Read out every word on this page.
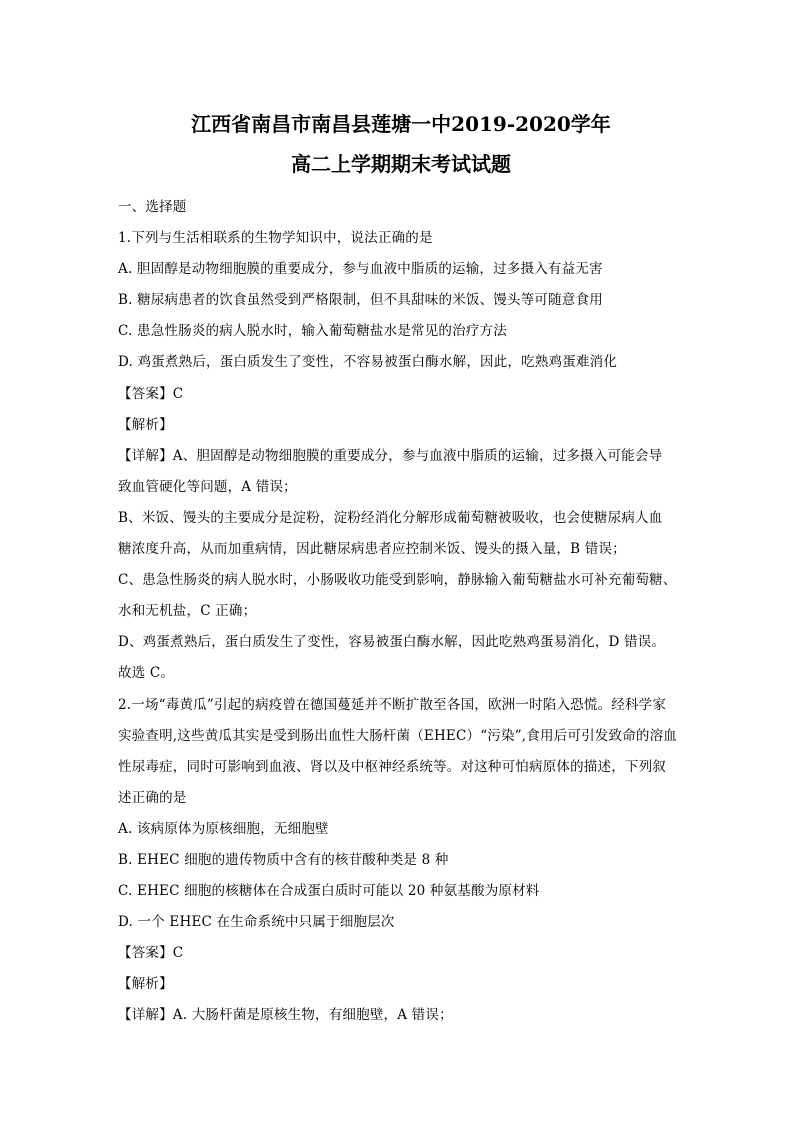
江西省南昌市南昌县莲塘一中2019-2020学年
高二上学期期末考试试题
一、选择题
1.下列与生活相联系的生物学知识中，说法正确的是
A. 胆固醇是动物细胞膜的重要成分，参与血液中脂质的运输，过多摄入有益无害
B. 糖尿病患者的饮食虽然受到严格限制，但不具甜味的米饭、馒头等可随意食用
C. 患急性肠炎的病人脱水时，输入葡萄糖盐水是常见的治疗方法
D. 鸡蛋煮熟后，蛋白质发生了变性，不容易被蛋白酶水解，因此，吃熟鸡蛋难消化
【答案】C
【解析】
【详解】A、胆固醇是动物细胞膜的重要成分，参与血液中脂质的运输，过多摄入可能会导
致血管硬化等问题，A 错误；
B、米饭、馒头的主要成分是淀粉，淀粉经消化分解形成葡萄糖被吸收，也会使糖尿病人血
糖浓度升高，从而加重病情，因此糖尿病患者应控制米饭、馒头的摄入量，B 错误；
C、患急性肠炎的病人脱水时，小肠吸收功能受到影响，静脉输入葡萄糖盐水可补充葡萄糖、
水和无机盐，C 正确；
D、鸡蛋煮熟后，蛋白质发生了变性，容易被蛋白酶水解，因此吃熟鸡蛋易消化，D 错误。
故选 C。
2.一场“毒黄瓜”引起的病疫曾在德国蔓延并不断扩散至各国，欧洲一时陷入恐慌。经科学家
实验查明,这些黄瓜其实是受到肠出血性大肠杆菌（EHEC）“污染”,食用后可引发致命的溶血
性尿毒症，同时可影响到血液、肾以及中枢神经系统等。对这种可怕病原体的描述，下列叙
述正确的是
A. 该病原体为原核细胞，无细胞壁
B. EHEC 细胞的遗传物质中含有的核苷酸种类是 8 种
C. EHEC 细胞的核糖体在合成蛋白质时可能以 20 种氨基酸为原材料
D. 一个 EHEC 在生命系统中只属于细胞层次
【答案】C
【解析】
【详解】A. 大肠杆菌是原核生物，有细胞壁，A 错误；
